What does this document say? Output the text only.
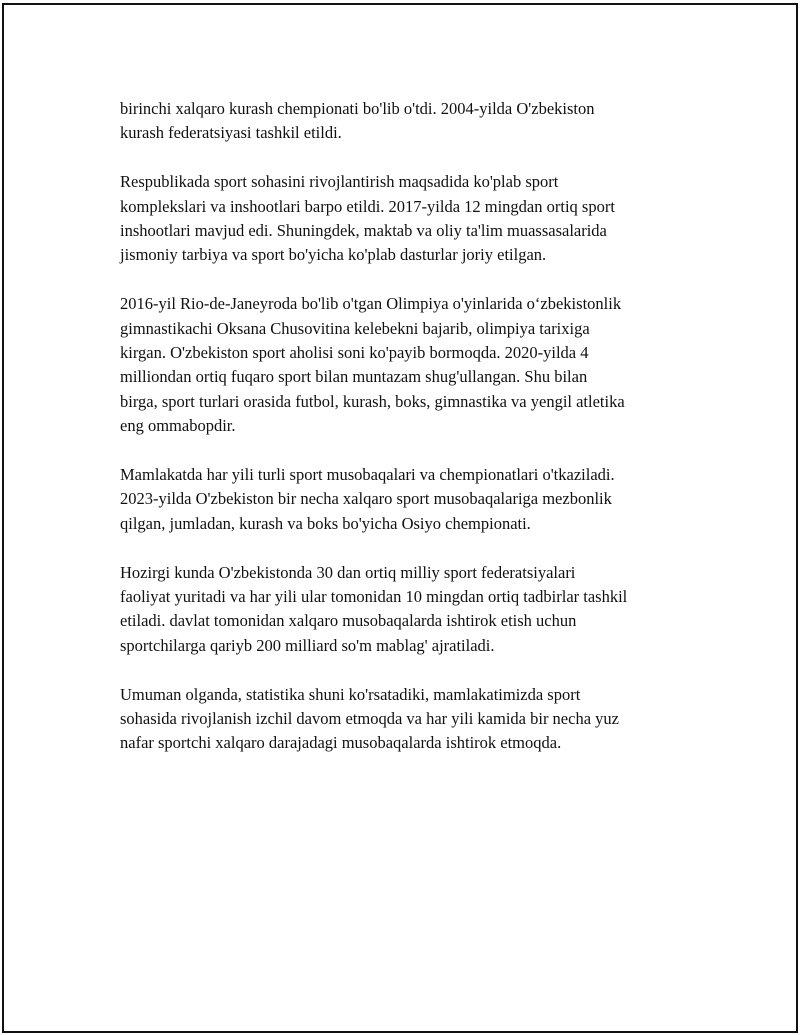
birinchi xalqaro kurash chempionati bo'lib o'tdi. 2004-yilda O'zbekiston
kurash federatsiyasi tashkil etildi.

Respublikada sport sohasini rivojlantirish maqsadida ko'plab sport
komplekslari va inshootlari barpo etildi. 2017-yilda 12 mingdan ortiq sport
inshootlari mavjud edi. Shuningdek, maktab va oliy ta'lim muassasalarida
jismoniy tarbiya va sport bo'yicha ko'plab dasturlar joriy etilgan.

2016-yil Rio-de-Janeyroda bo'lib o'tgan Olimpiya o'yinlarida o‘zbekistonlik
gimnastikachi Oksana Chusovitina kelebekni bajarib, olimpiya tarixiga
kirgan. O'zbekiston sport aholisi soni ko'payib bormoqda. 2020-yilda 4
milliondan ortiq fuqaro sport bilan muntazam shug'ullangan. Shu bilan
birga, sport turlari orasida futbol, kurash, boks, gimnastika va yengil atletika
eng ommabopdir.

Mamlakatda har yili turli sport musobaqalari va chempionatlari o'tkaziladi.
2023-yilda O'zbekiston bir necha xalqaro sport musobaqalariga mezbonlik
qilgan, jumladan, kurash va boks bo'yicha Osiyo chempionati.

Hozirgi kunda O'zbekistonda 30 dan ortiq milliy sport federatsiyalari
faoliyat yuritadi va har yili ular tomonidan 10 mingdan ortiq tadbirlar tashkil
etiladi. davlat tomonidan xalqaro musobaqalarda ishtirok etish uchun
sportchilarga qariyb 200 milliard so'm mablag' ajratiladi.

Umuman olganda, statistika shuni ko'rsatadiki, mamlakatimizda sport
sohasida rivojlanish izchil davom etmoqda va har yili kamida bir necha yuz
nafar sportchi xalqaro darajadagi musobaqalarda ishtirok etmoqda.
